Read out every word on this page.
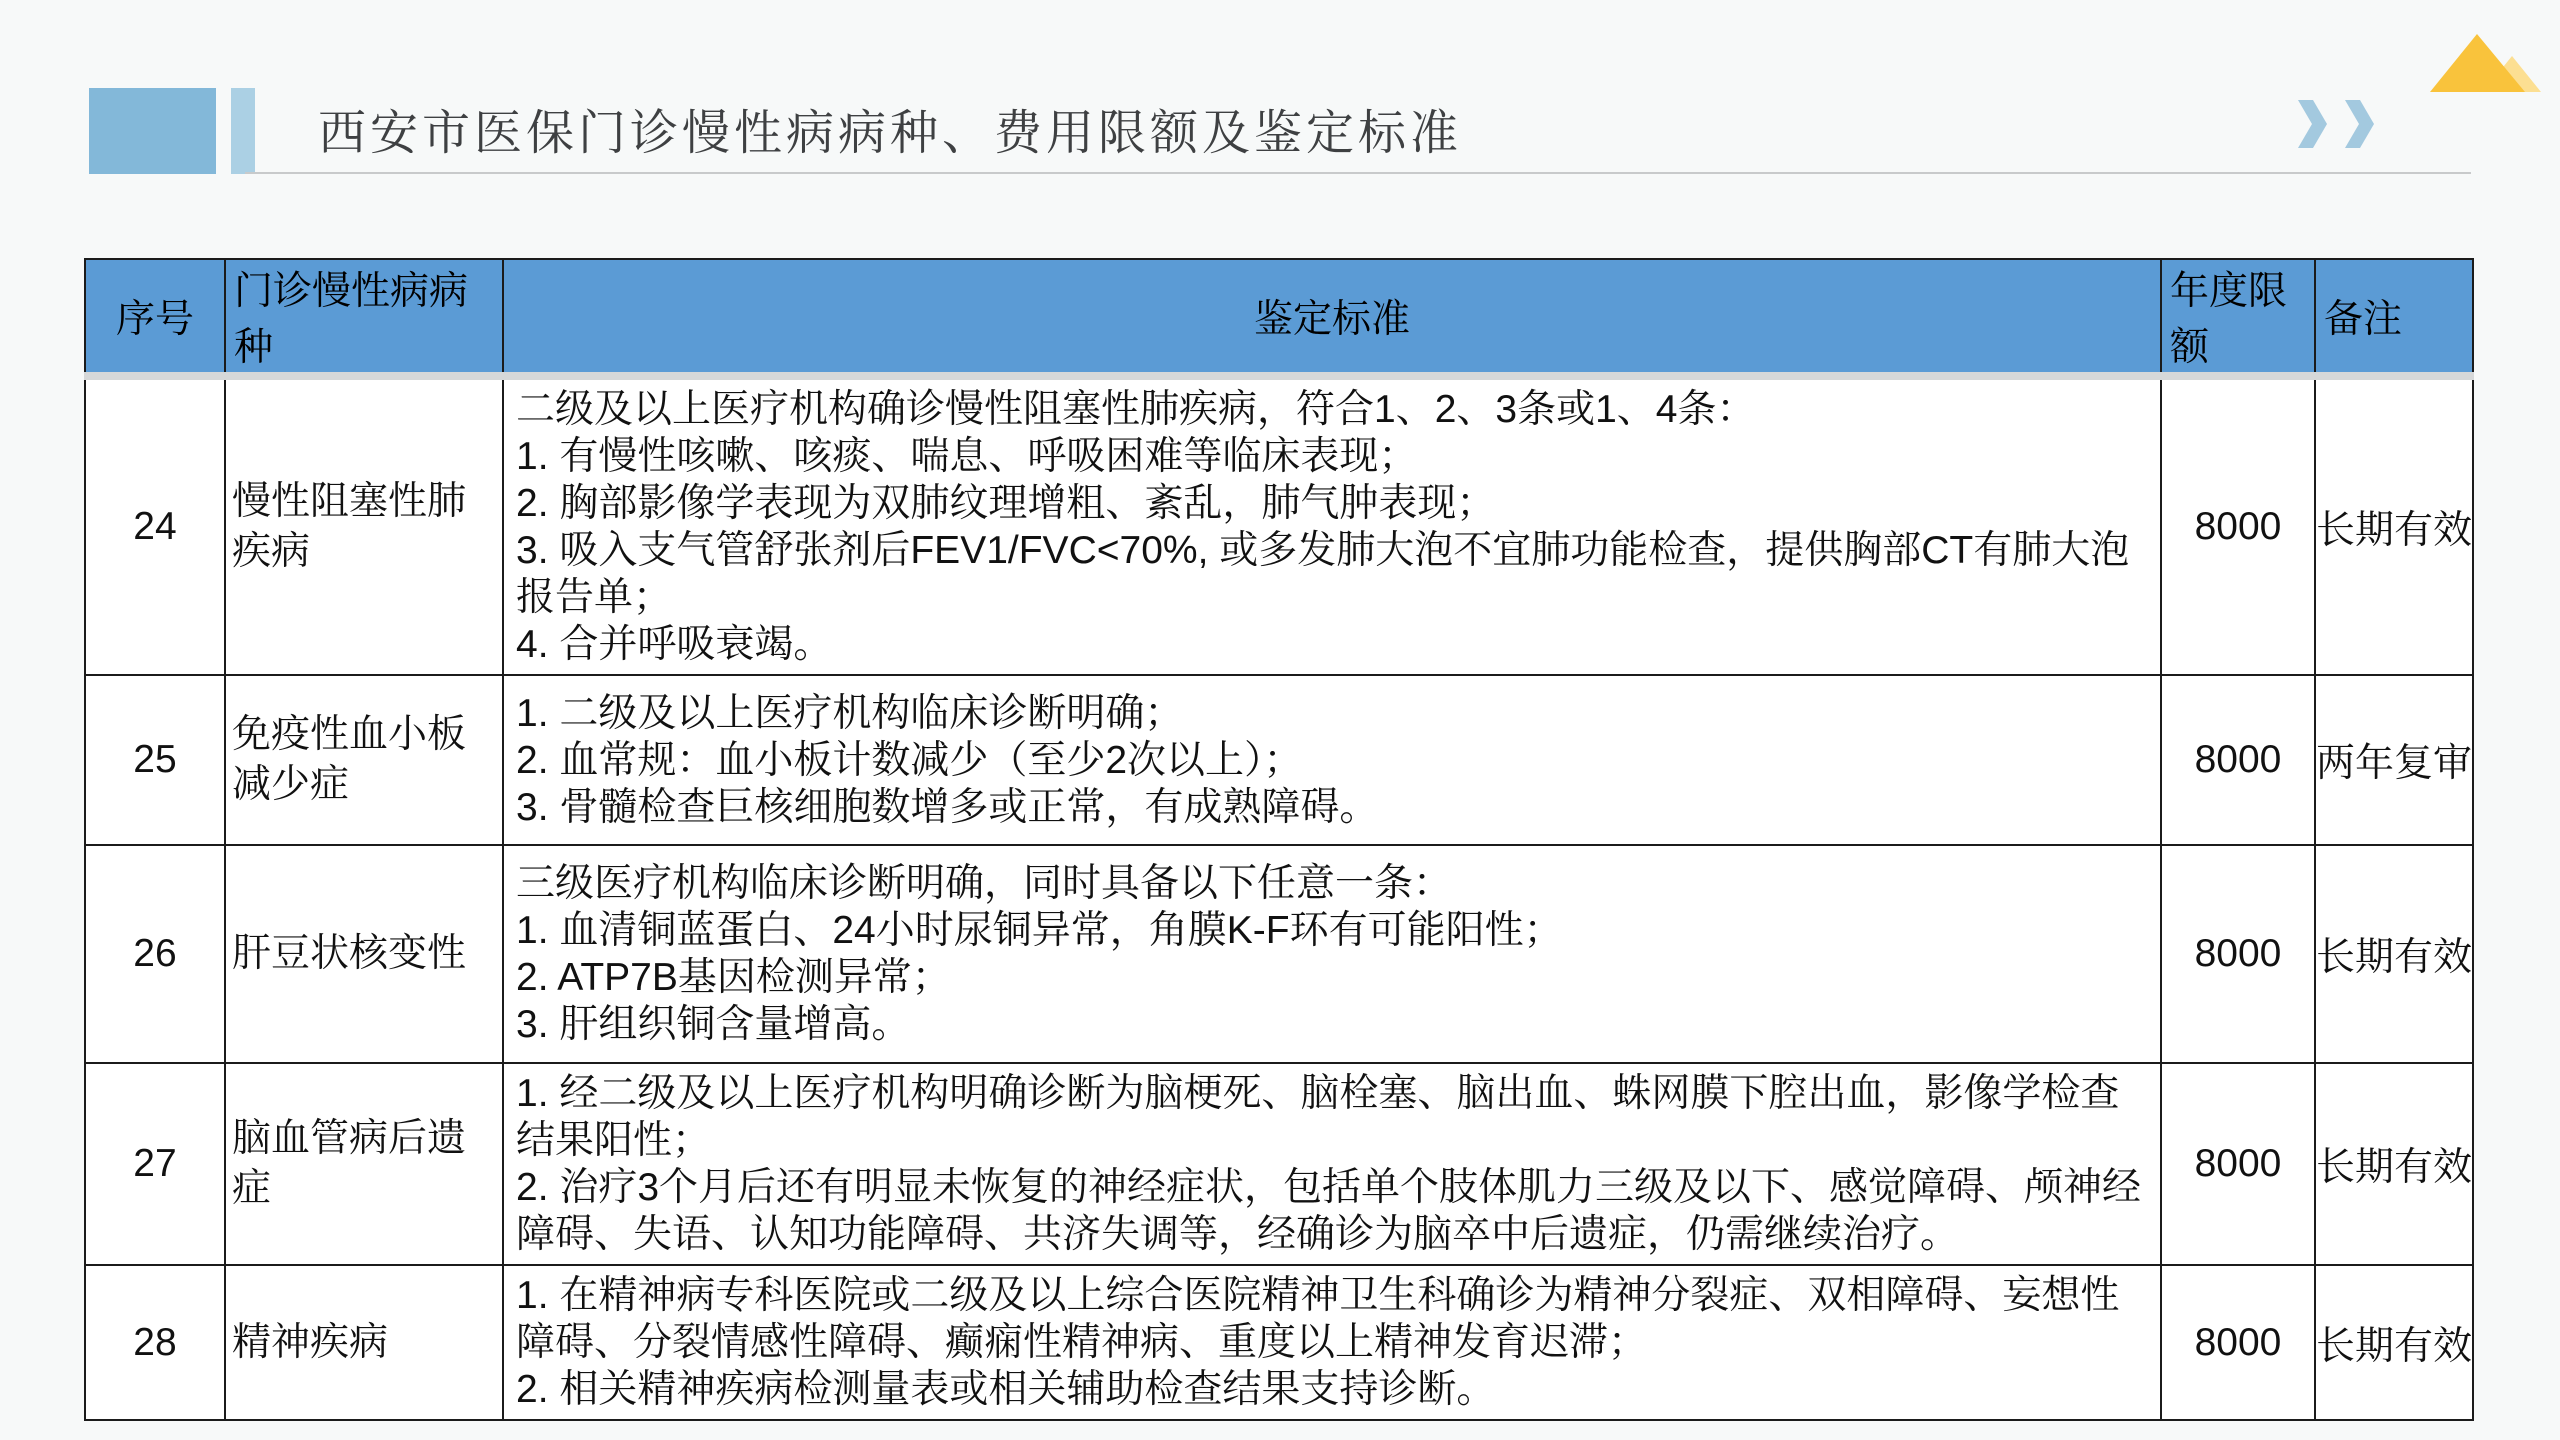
西安市医保门诊慢性病病种、费用限额及鉴定标准
序号	门诊慢性病病种	鉴定标准	年度限额	备注
24	慢性阻塞性肺疾病	二级及以上医疗机构确诊慢性阻塞性肺疾病，符合1、2、3条或1、4条：
1. 有慢性咳嗽、咳痰、喘息、呼吸困难等临床表现；
2. 胸部影像学表现为双肺纹理增粗、紊乱，肺气肿表现；
3. 吸入支气管舒张剂后FEV1/FVC<70%, 或多发肺大泡不宜肺功能检查，提供胸部CT有肺大泡报告单；
4. 合并呼吸衰竭。	8000	长期有效
25	免疫性血小板减少症	1. 二级及以上医疗机构临床诊断明确；
2. 血常规：血小板计数减少（至少2次以上）；
3. 骨髓检查巨核细胞数增多或正常，有成熟障碍。	8000	两年复审
26	肝豆状核变性	三级医疗机构临床诊断明确，同时具备以下任意一条：
1. 血清铜蓝蛋白、24小时尿铜异常，角膜K-F环有可能阳性；
2. ATP7B基因检测异常；
3. 肝组织铜含量增高。	8000	长期有效
27	脑血管病后遗症	1. 经二级及以上医疗机构明确诊断为脑梗死、脑栓塞、脑出血、蛛网膜下腔出血，影像学检查结果阳性；
2. 治疗3个月后还有明显未恢复的神经症状，包括单个肢体肌力三级及以下、感觉障碍、颅神经障碍、失语、认知功能障碍、共济失调等，经确诊为脑卒中后遗症，仍需继续治疗。	8000	长期有效
28	精神疾病	1. 在精神病专科医院或二级及以上综合医院精神卫生科确诊为精神分裂症、双相障碍、妄想性障碍、分裂情感性障碍、癫痫性精神病、重度以上精神发育迟滞；
2. 相关精神疾病检测量表或相关辅助检查结果支持诊断。	8000	长期有效
